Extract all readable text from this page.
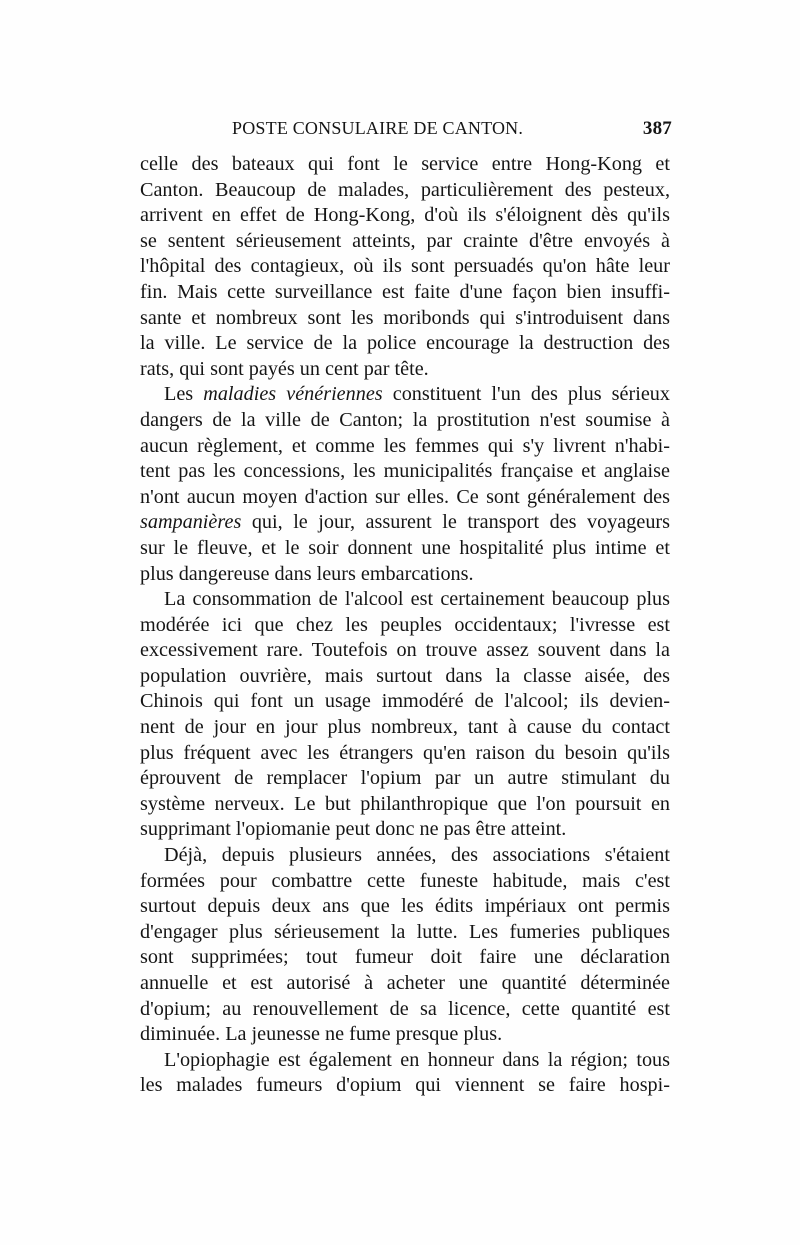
POSTE CONSULAIRE DE CANTON.	387
celle des bateaux qui font le service entre Hong-Kong et
Canton. Beaucoup de malades, particulièrement des pesteux,
arrivent en effet de Hong-Kong, d'où ils s'éloignent dès qu'ils
se sentent sérieusement atteints, par crainte d'être envoyés à
l'hôpital des contagieux, où ils sont persuadés qu'on hâte leur
fin. Mais cette surveillance est faite d'une façon bien insuffi-
sante et nombreux sont les moribonds qui s'introduisent dans
la ville. Le service de la police encourage la destruction des
rats, qui sont payés un cent par tête.
Les maladies vénériennes constituent l'un des plus sérieux
dangers de la ville de Canton; la prostitution n'est soumise à
aucun règlement, et comme les femmes qui s'y livrent n'habi-
tent pas les concessions, les municipalités française et anglaise
n'ont aucun moyen d'action sur elles. Ce sont généralement des
sampanières qui, le jour, assurent le transport des voyageurs
sur le fleuve, et le soir donnent une hospitalité plus intime et
plus dangereuse dans leurs embarcations.
La consommation de l'alcool est certainement beaucoup plus
modérée ici que chez les peuples occidentaux; l'ivresse est
excessivement rare. Toutefois on trouve assez souvent dans la
population ouvrière, mais surtout dans la classe aisée, des
Chinois qui font un usage immodéré de l'alcool; ils devien-
nent de jour en jour plus nombreux, tant à cause du contact
plus fréquent avec les étrangers qu'en raison du besoin qu'ils
éprouvent de remplacer l'opium par un autre stimulant du
système nerveux. Le but philanthropique que l'on poursuit en
supprimant l'opiomanie peut donc ne pas être atteint.
Déjà, depuis plusieurs années, des associations s'étaient
formées pour combattre cette funeste habitude, mais c'est
surtout depuis deux ans que les édits impériaux ont permis
d'engager plus sérieusement la lutte. Les fumeries publiques
sont supprimées; tout fumeur doit faire une déclaration
annuelle et est autorisé à acheter une quantité déterminée
d'opium; au renouvellement de sa licence, cette quantité est
diminuée. La jeunesse ne fume presque plus.
L'opiophagie est également en honneur dans la région; tous
les malades fumeurs d'opium qui viennent se faire hospi-
